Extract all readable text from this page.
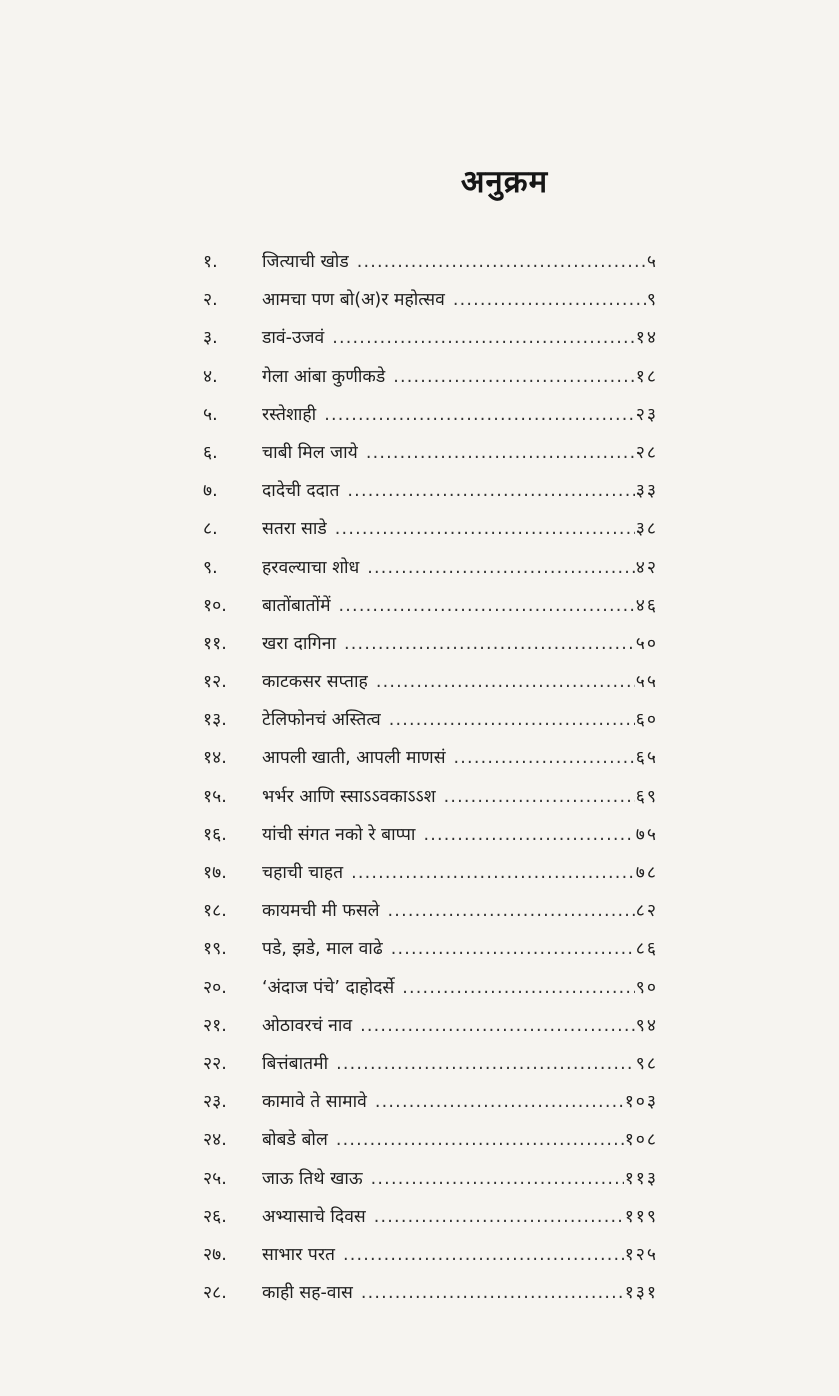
अनुक्रम
१.	जित्याची खोड .....	५
२.	आमचा पण बो(अ)र महोत्सव .....	९
३.	डावं-उजवं .....	१४
४.	गेला आंबा कुणीकडे .....	१८
५.	रस्तेशाही .....	२३
६.	चाबी मिल जाये .....	२८
७.	दादेची ददात .....	३३
८.	सतरा साडे .....	३८
९.	हरवल्याचा शोध .....	४२
१०.	बातोंबातोंमें .....	४६
११.	खरा दागिना .....	५०
१२.	काटकसर सप्ताह .....	५५
१३.	टेलिफोनचं अस्तित्व .....	६०
१४.	आपली खाती, आपली माणसं .....	६५
१५.	भर्भर आणि स्साऽऽवकाऽऽश .....	६९
१६.	यांची संगत नको रे बाप्पा .....	७५
१७.	चहाची चाहत .....	७८
१८.	कायमची मी फसले .....	८२
१९.	पडे, झडे, माल वाढे .....	८६
२०.	‘अंदाज पंचे’ दाहोदर्से .....	९०
२१.	ओठावरचं नाव .....	९४
२२.	बित्तंबातमी .....	९८
२३.	कामावे ते सामावे .....	१०३
२४.	बोबडे बोल .....	१०८
२५.	जाऊ तिथे खाऊ .....	११३
२६.	अभ्यासाचे दिवस .....	११९
२७.	साभार परत .....	१२५
२८.	काही सह-वास .....	१३१
